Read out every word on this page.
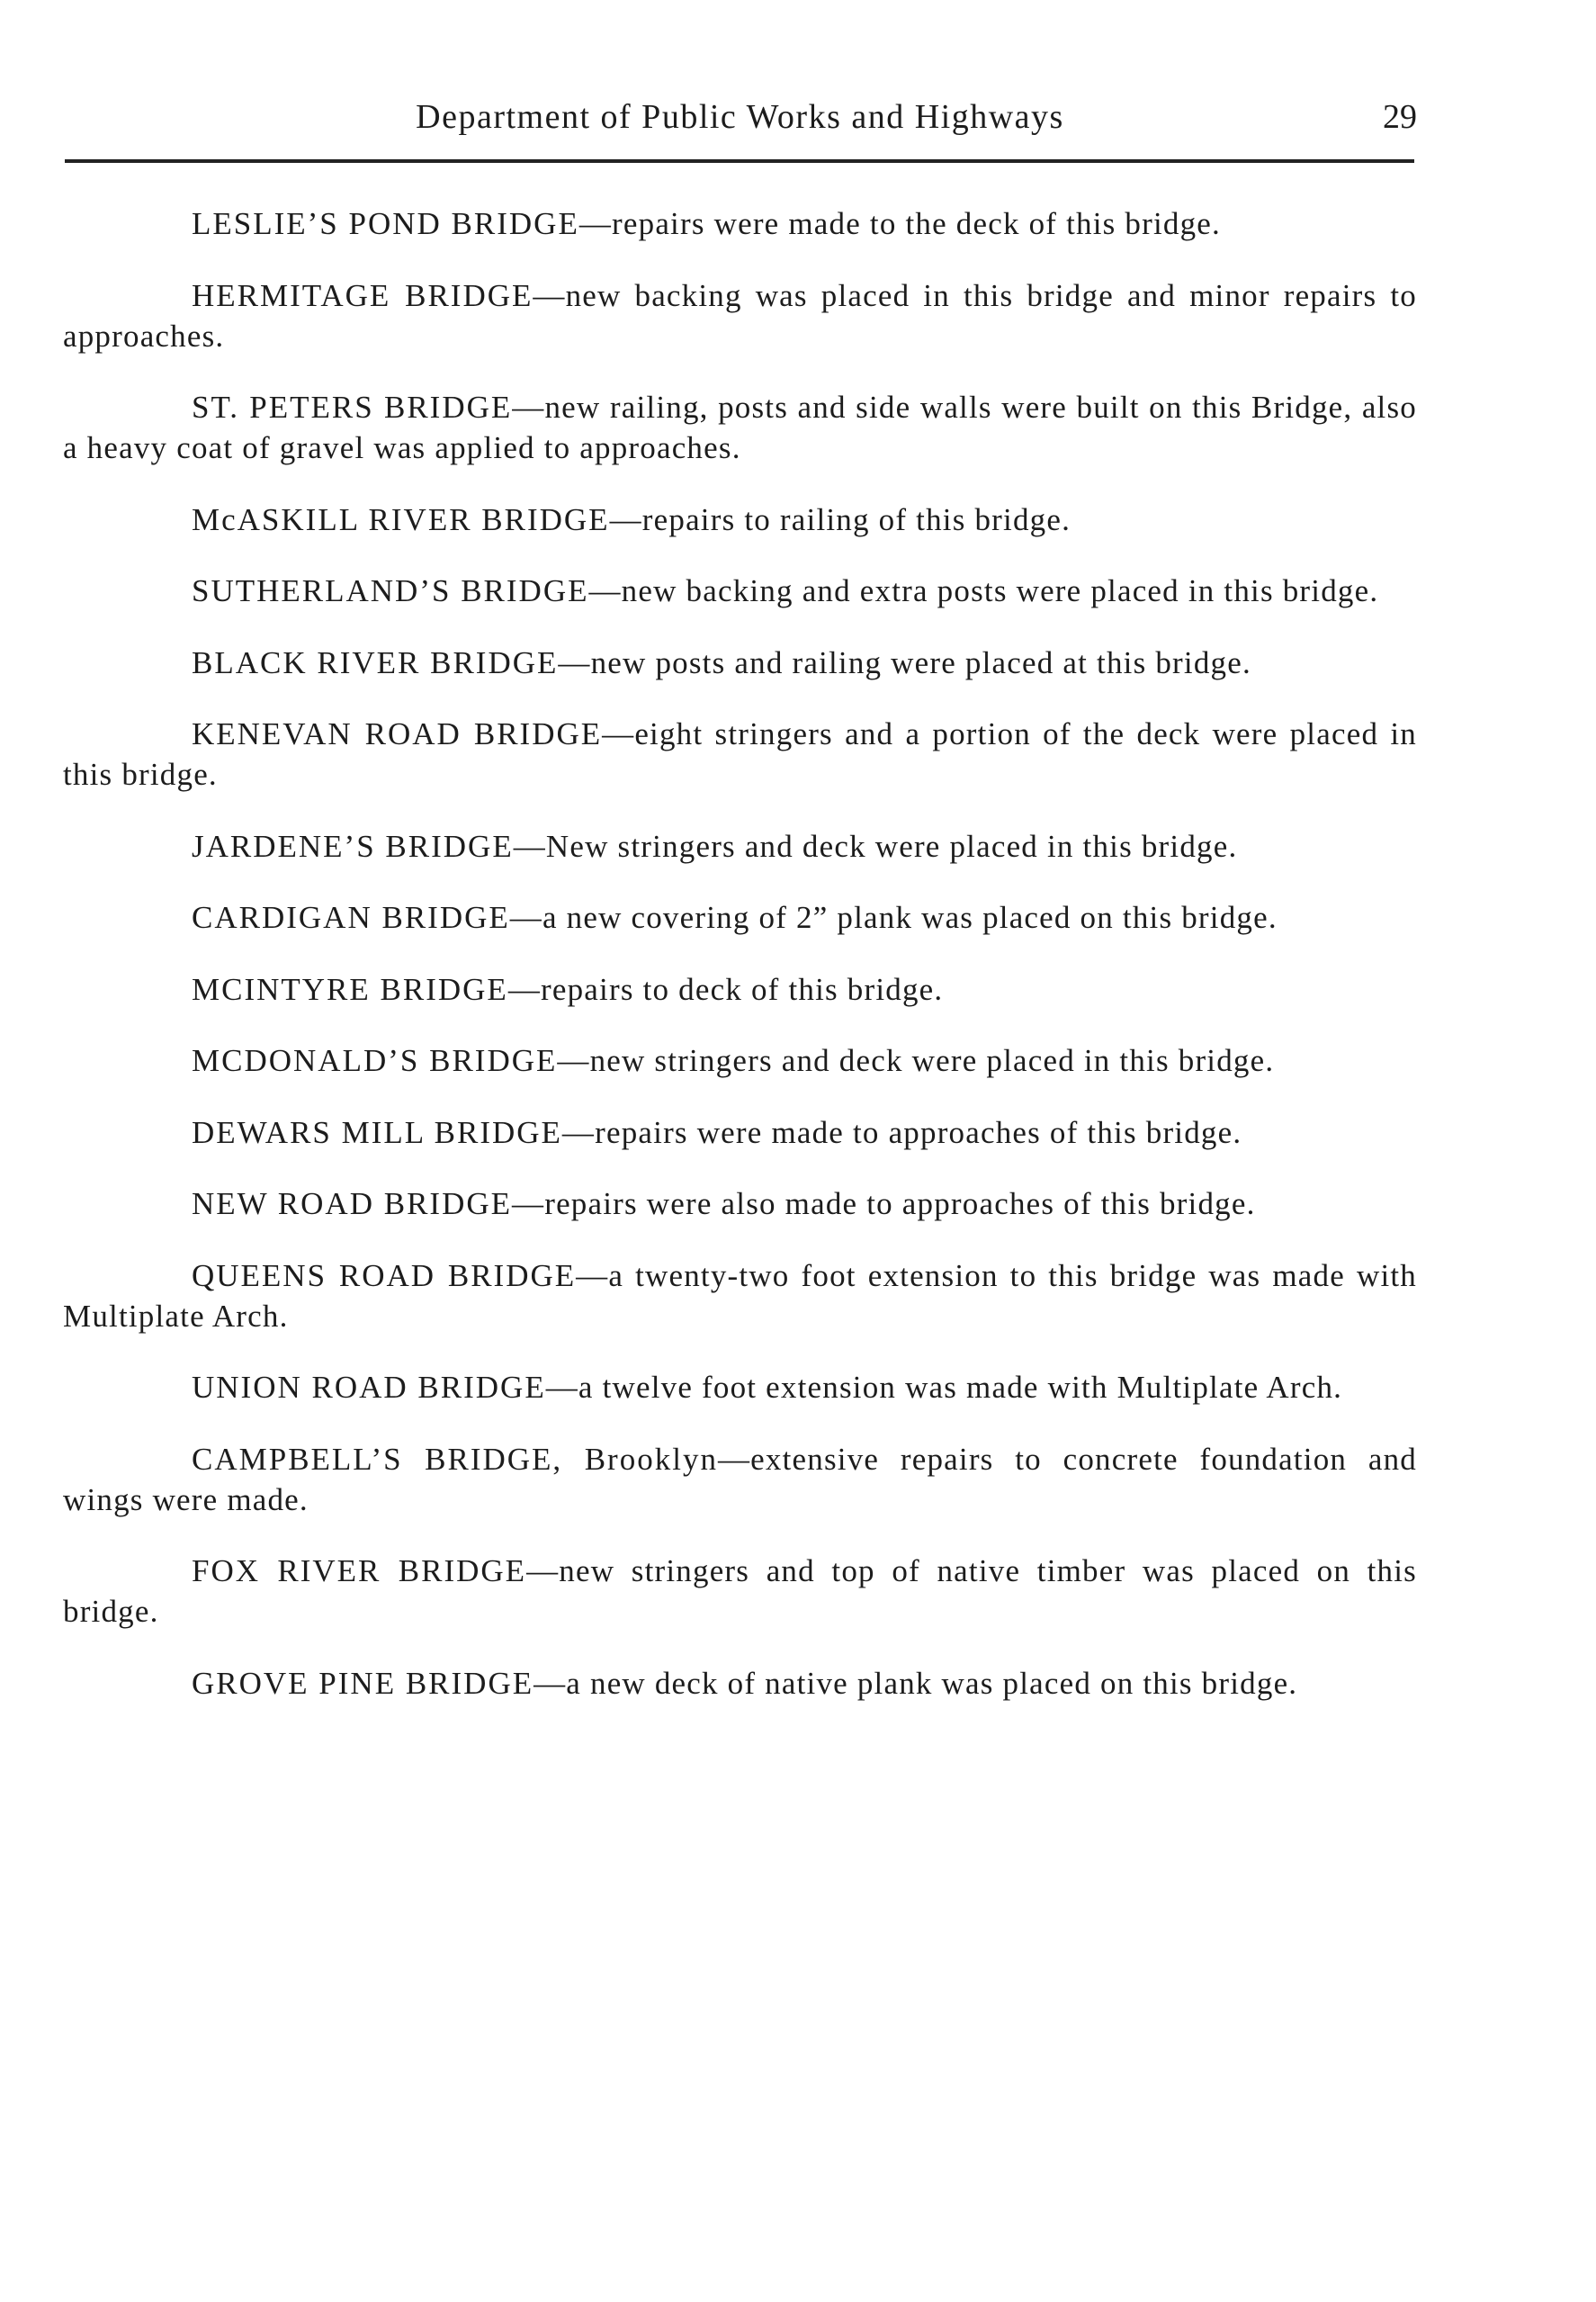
Department of Public Works and Highways	29

LESLIE’S POND BRIDGE—repairs were made to the deck of this bridge.

HERMITAGE BRIDGE—new backing was placed in this bridge and minor repairs to approaches.

ST. PETERS BRIDGE—new railing, posts and side walls were built on this Bridge, also a heavy coat of gravel was applied to approaches.

McASKILL RIVER BRIDGE—repairs to railing of this bridge.

SUTHERLAND’S BRIDGE—new backing and extra posts were placed in this bridge.

BLACK RIVER BRIDGE—new posts and railing were placed at this bridge.

KENEVAN ROAD BRIDGE—eight stringers and a portion of the deck were placed in this bridge.

JARDENE’S BRIDGE—New stringers and deck were placed in this bridge.

CARDIGAN BRIDGE—a new covering of 2” plank was placed on this bridge.

MCINTYRE BRIDGE—repairs to deck of this bridge.

MCDONALD’S BRIDGE—new stringers and deck were placed in this bridge.

DEWARS MILL BRIDGE—repairs were made to approaches of this bridge.

NEW ROAD BRIDGE—repairs were also made to approaches of this bridge.

QUEENS ROAD BRIDGE—a twenty-two foot extension to this bridge was made with Multiplate Arch.

UNION ROAD BRIDGE—a twelve foot extension was made with Multiplate Arch.

CAMPBELL’S BRIDGE, Brooklyn—extensive repairs to concrete foundation and wings were made.

FOX RIVER BRIDGE—new stringers and top of native timber was placed on this bridge.

GROVE PINE BRIDGE—a new deck of native plank was placed on this bridge.
